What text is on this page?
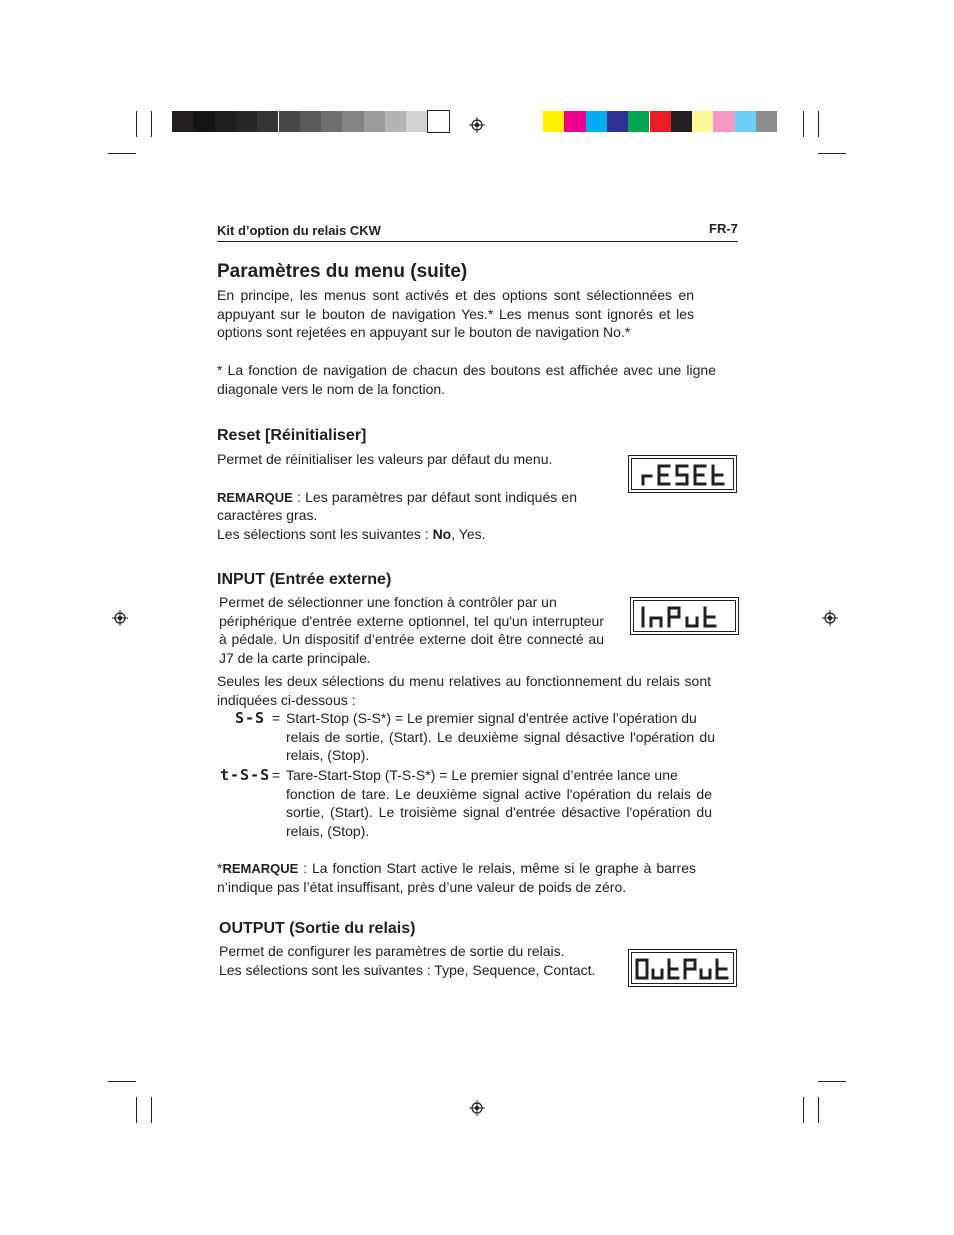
Kit d’option du relais CKW	FR-7
Paramètres du menu (suite)
En principe, les menus sont activés et des options sont sélectionnées en
appuyant sur le bouton de navigation Yes.* Les menus sont ignorés et les
options sont rejetées en appuyant sur le bouton de navigation No.*
* La fonction de navigation de chacun des boutons est affichée avec une ligne
diagonale vers le nom de la fonction.
Reset [Réinitialiser]
Permet de réinitialiser les valeurs par défaut du menu.
REMARQUE : Les paramètres par défaut sont indiqués en
caractères gras.
Les sélections sont les suivantes : No, Yes.
INPUT (Entrée externe)
Permet de sélectionner une fonction à contrôler par un
périphérique d'entrée externe optionnel, tel qu'un interrupteur
à pédale. Un dispositif d’entrée externe doit être connecté au
J7 de la carte principale.
Seules les deux sélections du menu relatives au fonctionnement du relais sont
indiquées ci-dessous :
S-S = Start-Stop (S-S*) = Le premier signal d'entrée active l’opération du
relais de sortie, (Start). Le deuxième signal désactive l'opération du
relais, (Stop).
t-S-S = Tare-Start-Stop (T-S-S*) = Le premier signal d’entrée lance une
fonction de tare. Le deuxième signal active l'opération du relais de
sortie, (Start). Le troisième signal d'entrée désactive l'opération du
relais, (Stop).
*REMARQUE : La fonction Start active le relais, même si le graphe à barres
n’indique pas l’état insuffisant, près d’une valeur de poids de zéro.
OUTPUT (Sortie du relais)
Permet de configurer les paramètres de sortie du relais.
Les sélections sont les suivantes : Type, Sequence, Contact.
